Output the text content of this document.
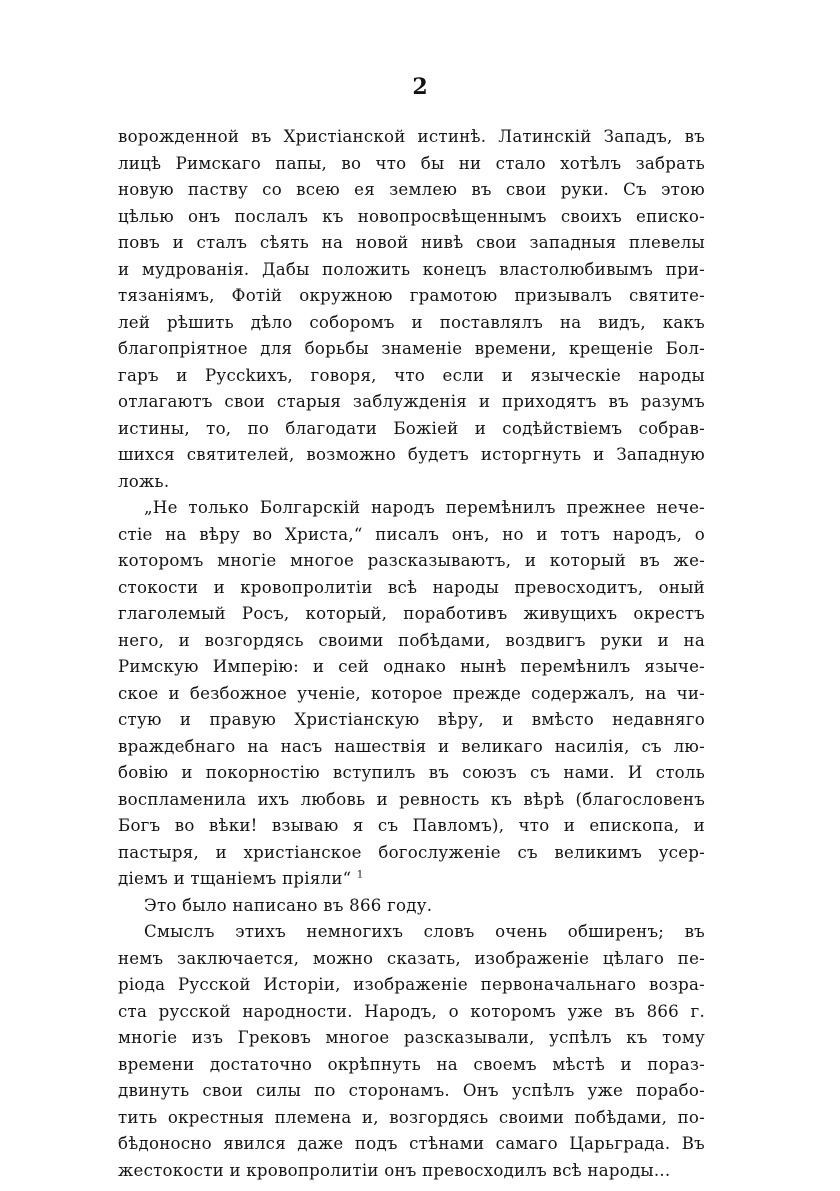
2

ворожденной въ Христіанской истинѣ. Латинскій Западъ, въ
лицѣ Римскаго папы, во что бы ни стало хотѣлъ забрать
новую паству со всею ея землею въ свои руки. Съ этою
цѣлью онъ послалъ къ новопросвѣщеннымъ своихъ еписко-
повъ и сталъ сѣять на новой нивѣ свои западныя плевелы
и мудрованія. Дабы положить конецъ властолюбивымъ при-
тязаніямъ, Фотій окружною грамотою призывалъ святите-
лей рѣшить дѣло соборомъ и поставлялъ на видъ, какъ
благопріятное для борьбы знаменіе времени, крещеніе Бол-
гаръ и Руссkихъ, говоря, что если и языческіе народы
отлагаютъ свои старыя заблужденія и приходятъ въ разумъ
истины, то, по благодати Божіей и содѣйствіемъ собрав-
шихся святителей, возможно будетъ исторгнуть и Западную
ложь.

„Не только Болгарскій народъ перемѣнилъ прежнее нече-
стіе на вѣру во Христа,“ писалъ онъ, но и тотъ народъ, о
которомъ многіе многое разсказываютъ, и который въ же-
стокости и кровопролитіи всѣ народы превосходитъ, оный
глаголемый Росъ, который, поработивъ живущихъ окрестъ
него, и возгордясь своими побѣдами, воздвигъ руки и на
Римскую Имперію: и сей однако нынѣ перемѣнилъ языче-
ское и безбожное ученіе, которое прежде содержалъ, на чи-
стую и правую Христіанскую вѣру, и вмѣсто недавняго
враждебнаго на насъ нашествія и великаго насилія, съ лю-
бовію и покорностію вступилъ въ союзъ съ нами. И столь
воспламенила ихъ любовь и ревность къ вѣрѣ (благословенъ
Богъ во вѣки! взываю я съ Павломъ), что и епископа, и
пастыря, и христіанское богослуженіе съ великимъ усер-
діемъ и тщаніемъ пріяли“ $^1$

Это было написано въ 866 году.

Смыслъ этихъ немногихъ словъ очень обширенъ; въ
немъ заключается, можно сказать, изображеніе цѣлаго пе-
ріода Русской Исторіи, изображеніе первоначальнаго возра-
ста русской народности. Народъ, о которомъ уже въ 866 г.
многіе изъ Грековъ многое разсказывали, успѣлъ къ тому
времени достаточно окрѣпнуть на своемъ мѣстѣ и пораз-
двинуть свои силы по сторонамъ. Онъ успѣлъ уже порабо-
тить окрестныя племена и, возгордясь своими побѣдами, по-
бѣдоносно явился даже подъ стѣнами самаго Царьграда. Въ
жестокости и кровопролитіи онъ превосходилъ всѣ народы...
